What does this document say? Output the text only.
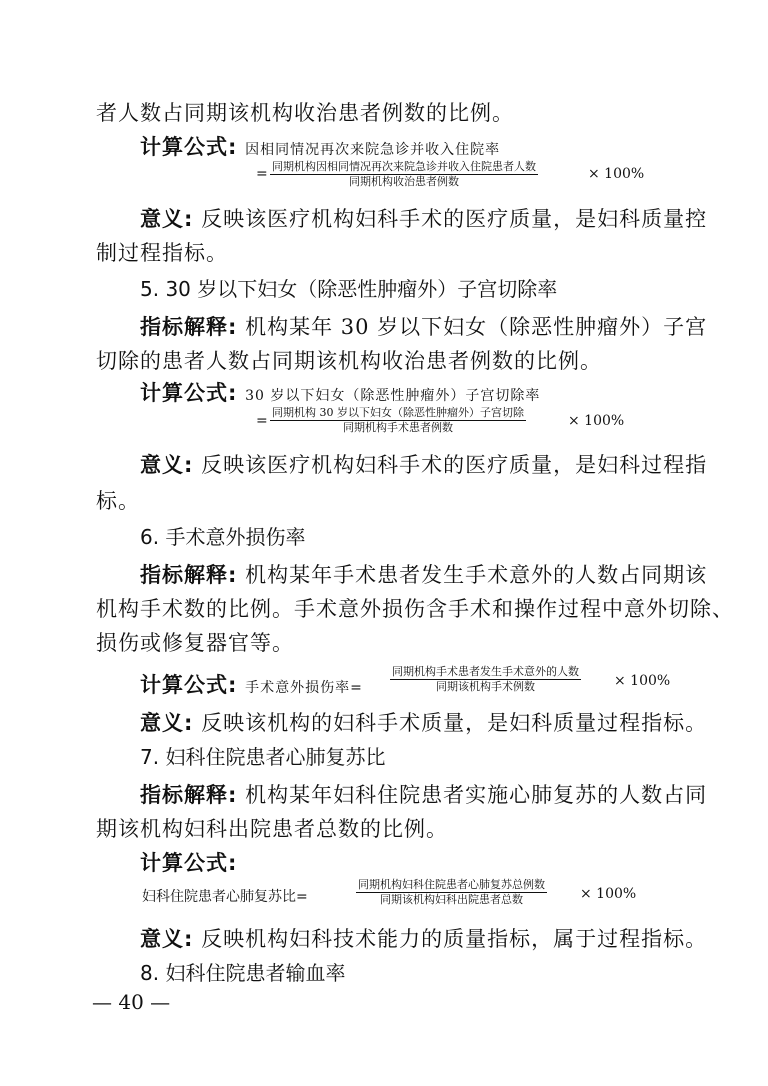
者人数占同期该机构收治患者例数的比例。
计算公式: 因相同情况再次来院急诊并收入住院率
= 同期机构因相同情况再次来院急诊并收入住院患者人数
同期机构收治患者例数	× 100%
意义: 反映该医疗机构妇科手术的医疗质量，是妇科质量控
制过程指标。
5. 30 岁以下妇女（除恶性肿瘤外）子宫切除率
指标解释: 机构某年 30 岁以下妇女（除恶性肿瘤外）子宫
切除的患者人数占同期该机构收治患者例数的比例。
计算公式: 30 岁以下妇女（除恶性肿瘤外）子宫切除率
=
同期机构 30 岁以下妇女（除恶性肿瘤外）子宫切除
同期机构手术患者例数	× 100%
意义: 反映该医疗机构妇科手术的医疗质量，是妇科过程指
标。
6. 手术意外损伤率
指标解释: 机构某年手术患者发生手术意外的人数占同期该
机构手术数的比例。手术意外损伤含手术和操作过程中意外切除、
损伤或修复器官等。
计算公式: 手术意外损伤率=
同期机构手术患者发生手术意外的人数
同期该机构手术例数	× 100%
意义: 反映该机构的妇科手术质量，是妇科质量过程指标。
7. 妇科住院患者心肺复苏比
指标解释: 机构某年妇科住院患者实施心肺复苏的人数占同
期该机构妇科出院患者总数的比例。
计算公式:
妇科住院患者心肺复苏比=
同期机构妇科住院患者心肺复苏总例数
同期该机构妇科出院患者总数	× 100%
意义: 反映机构妇科技术能力的质量指标，属于过程指标。
8. 妇科住院患者输血率
— 40 —
